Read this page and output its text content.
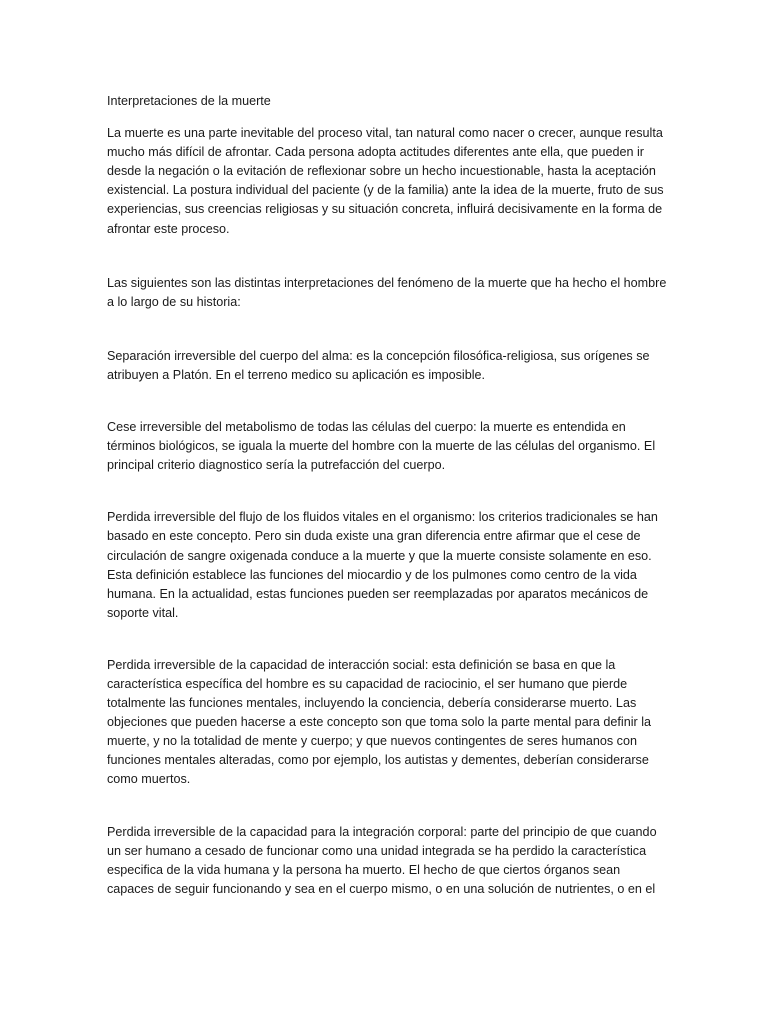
Interpretaciones de la muerte

La muerte es una parte inevitable del proceso vital, tan natural como nacer o crecer, aunque resulta mucho más difícil de afrontar. Cada persona adopta actitudes diferentes ante ella, que pueden ir desde la negación o la evitación de reflexionar sobre un hecho incuestionable, hasta la aceptación existencial. La postura individual del paciente (y de la familia) ante la idea de la muerte, fruto de sus experiencias, sus creencias religiosas y su situación concreta, influirá decisivamente en la forma de afrontar este proceso.

Las siguientes son las distintas interpretaciones del fenómeno de la muerte que ha hecho el hombre a lo largo de su historia:

Separación irreversible del cuerpo del alma: es la concepción filosófica-religiosa, sus orígenes se atribuyen a Platón. En el terreno medico su aplicación es imposible.

Cese irreversible del metabolismo de todas las células del cuerpo: la muerte es entendida en términos biológicos, se iguala la muerte del hombre con la muerte de las células del organismo. El principal criterio diagnostico sería la putrefacción del cuerpo.

Perdida irreversible del flujo de los fluidos vitales en el organismo: los criterios tradicionales se han basado en este concepto. Pero sin duda existe una gran diferencia entre afirmar que el cese de circulación de sangre oxigenada conduce a la muerte y que la muerte consiste solamente en eso. Esta definición establece las funciones del miocardio y de los pulmones como centro de la vida humana. En la actualidad, estas funciones pueden ser reemplazadas por aparatos mecánicos de soporte vital.

Perdida irreversible de la capacidad de interacción social: esta definición se basa en que la característica específica del hombre es su capacidad de raciocinio, el ser humano que pierde totalmente las funciones mentales, incluyendo la conciencia, debería considerarse muerto. Las objeciones que pueden hacerse a este concepto son que toma solo la parte mental para definir la muerte, y no la totalidad de mente y cuerpo; y que nuevos contingentes de seres humanos con funciones mentales alteradas, como por ejemplo, los autistas y dementes, deberían considerarse como muertos.

Perdida irreversible de la capacidad para la integración corporal: parte del principio de que cuando un ser humano a cesado de funcionar como una unidad integrada se ha perdido la característica especifica de la vida humana y la persona ha muerto. El hecho de que ciertos órganos sean capaces de seguir funcionando y sea en el cuerpo mismo, o en una solución de nutrientes, o en el
